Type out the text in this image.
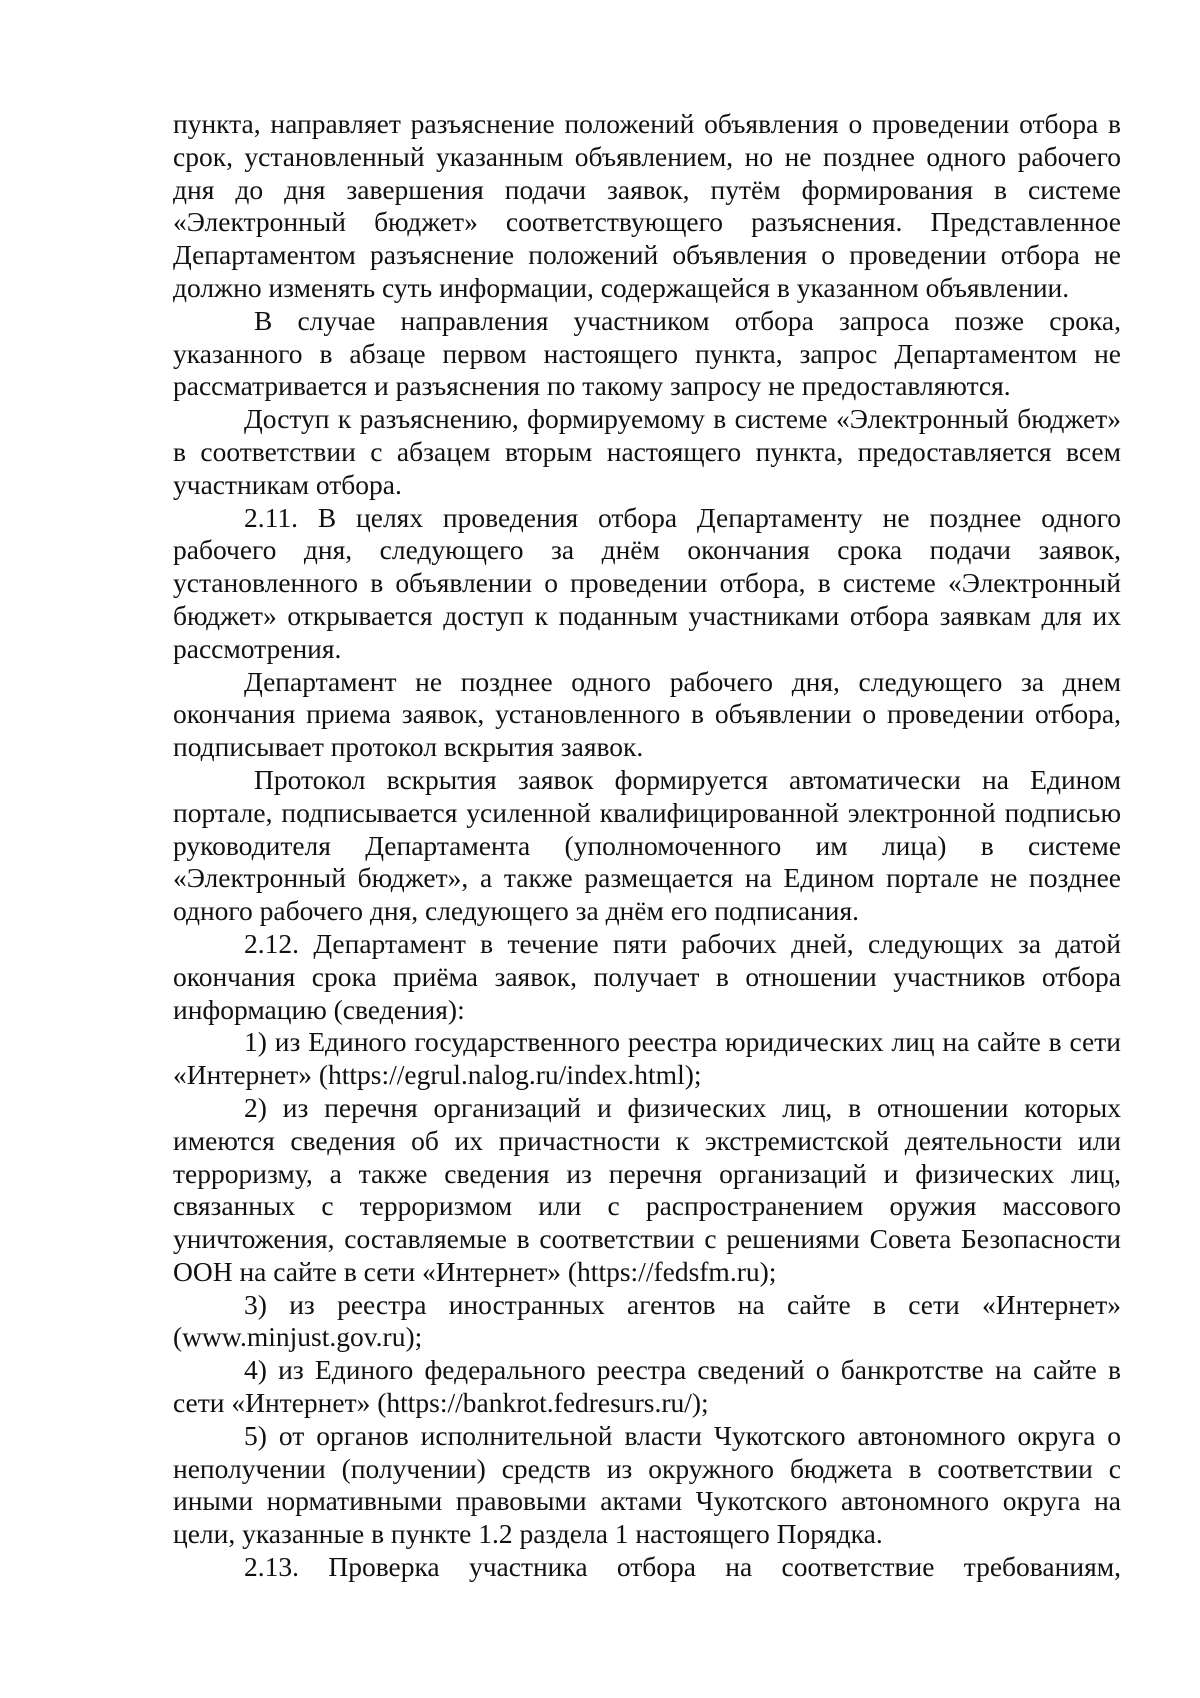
пункта, направляет разъяснение положений объявления о проведении отбора в срок, установленный указанным объявлением, но не позднее одного рабочего дня до дня завершения подачи заявок, путём формирования в системе «Электронный бюджет» соответствующего разъяснения. Представленное Департаментом разъяснение положений объявления о проведении отбора не должно изменять суть информации, содержащейся в указанном объявлении.

В случае направления участником отбора запроса позже срока, указанного в абзаце первом настоящего пункта, запрос Департаментом не рассматривается и разъяснения по такому запросу не предоставляются.

Доступ к разъяснению, формируемому в системе «Электронный бюджет» в соответствии с абзацем вторым настоящего пункта, предоставляется всем участникам отбора.

2.11. В целях проведения отбора Департаменту не позднее одного рабочего дня, следующего за днём окончания срока подачи заявок, установленного в объявлении о проведении отбора, в системе «Электронный бюджет» открывается доступ к поданным участниками отбора заявкам для их рассмотрения.

Департамент не позднее одного рабочего дня, следующего за днем окончания приема заявок, установленного в объявлении о проведении отбора, подписывает протокол вскрытия заявок.

Протокол вскрытия заявок формируется автоматически на Едином портале, подписывается усиленной квалифицированной электронной подписью руководителя Департамента (уполномоченного им лица) в системе «Электронный бюджет», а также размещается на Едином портале не позднее одного рабочего дня, следующего за днём его подписания.

2.12. Департамент в течение пяти рабочих дней, следующих за датой окончания срока приёма заявок, получает в отношении участников отбора информацию (сведения):

1) из Единого государственного реестра юридических лиц на сайте в сети «Интернет» (https://egrul.nalog.ru/index.html);

2) из перечня организаций и физических лиц, в отношении которых имеются сведения об их причастности к экстремистской деятельности или терроризму, а также сведения из перечня организаций и физических лиц, связанных с терроризмом или с распространением оружия массового уничтожения, составляемые в соответствии с решениями Совета Безопасности ООН на сайте в сети «Интернет» (https://fedsfm.ru);

3) из реестра иностранных агентов на сайте в сети «Интернет» (www.minjust.gov.ru);

4) из Единого федерального реестра сведений о банкротстве на сайте в сети «Интернет» (https://bankrot.fedresurs.ru/);

5) от органов исполнительной власти Чукотского автономного округа о неполучении (получении) средств из окружного бюджета в соответствии с иными нормативными правовыми актами Чукотского автономного округа на цели, указанные в пункте 1.2 раздела 1 настоящего Порядка.

2.13. Проверка участника отбора на соответствие требованиям,
